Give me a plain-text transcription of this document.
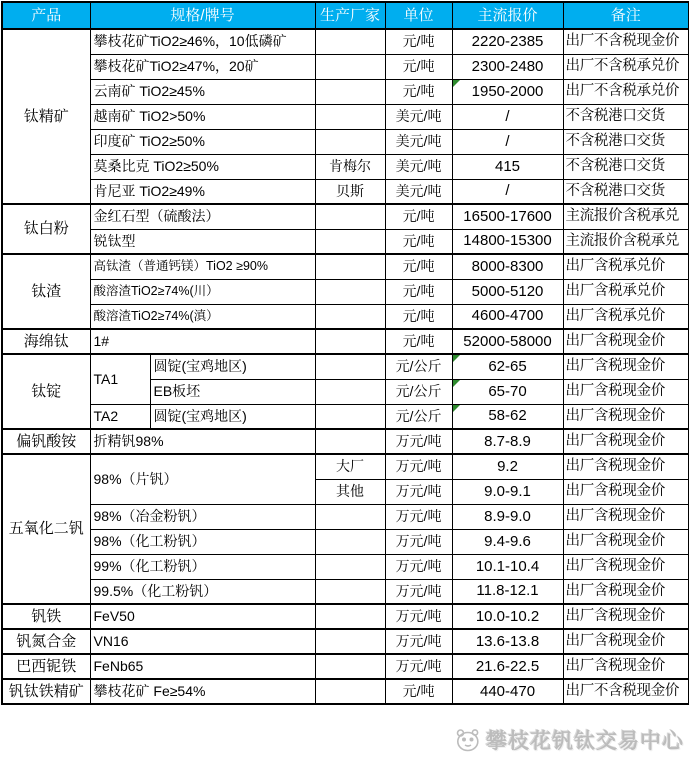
产品	规格/牌号		生产厂家	单位	主流报价	备注
钛精矿	攀枝花矿TiO2≥46%，10低磷矿			元/吨	2220-2385	出厂不含税现金价
	攀枝花矿TiO2≥47%，20矿			元/吨	2300-2480	出厂不含税承兑价
	云南矿 TiO2≥45%			元/吨	1950-2000	出厂不含税承兑价
	越南矿 TiO2>50%			美元/吨	/	不含税港口交货
	印度矿 TiO2≥50%			美元/吨	/	不含税港口交货
	莫桑比克 TiO2≥50%		肯梅尔	美元/吨	415	不含税港口交货
	肯尼亚 TiO2≥49%		贝斯	美元/吨	/	不含税港口交货
钛白粉	金红石型（硫酸法）			元/吨	16500-17600	主流报价含税承兑
	锐钛型			元/吨	14800-15300	主流报价含税承兑
钛渣	高钛渣（普通钙镁）TiO2 ≥90%			元/吨	8000-8300	出厂含税承兑价
	酸溶渣TiO2≥74%(川）			元/吨	5000-5120	出厂含税承兑价
	酸溶渣TiO2≥74%(滇）			元/吨	4600-4700	出厂含税承兑价
海绵钛	1#			元/吨	52000-58000	出厂含税现金价
钛锭	TA1	圆锭(宝鸡地区)		元/公斤	62-65	出厂含税现金价
		EB板坯		元/公斤	65-70	出厂含税现金价
	TA2	圆锭(宝鸡地区)		元/公斤	58-62	出厂含税现金价
偏钒酸铵	折精钒98%			万元/吨	8.7-8.9	出厂含税现金价
五氧化二钒	98%（片钒）		大厂	万元/吨	9.2	出厂含税现金价
			其他	万元/吨	9.0-9.1	出厂含税现金价
	98%（冶金粉钒）			万元/吨	8.9-9.0	出厂含税现金价
	98%（化工粉钒）			万元/吨	9.4-9.6	出厂含税现金价
	99%（化工粉钒）			万元/吨	10.1-10.4	出厂含税现金价
	99.5%（化工粉钒）			万元/吨	11.8-12.1	出厂含税现金价
钒铁	FeV50			万元/吨	10.0-10.2	出厂含税现金价
钒氮合金	VN16			万元/吨	13.6-13.8	出厂含税现金价
巴西铌铁	FeNb65			万元/吨	21.6-22.5	出厂含税现金价
钒钛铁精矿	攀枝花矿 Fe≥54%			元/吨	440-470	出厂不含税现金价
攀枝花钒钛交易中心
